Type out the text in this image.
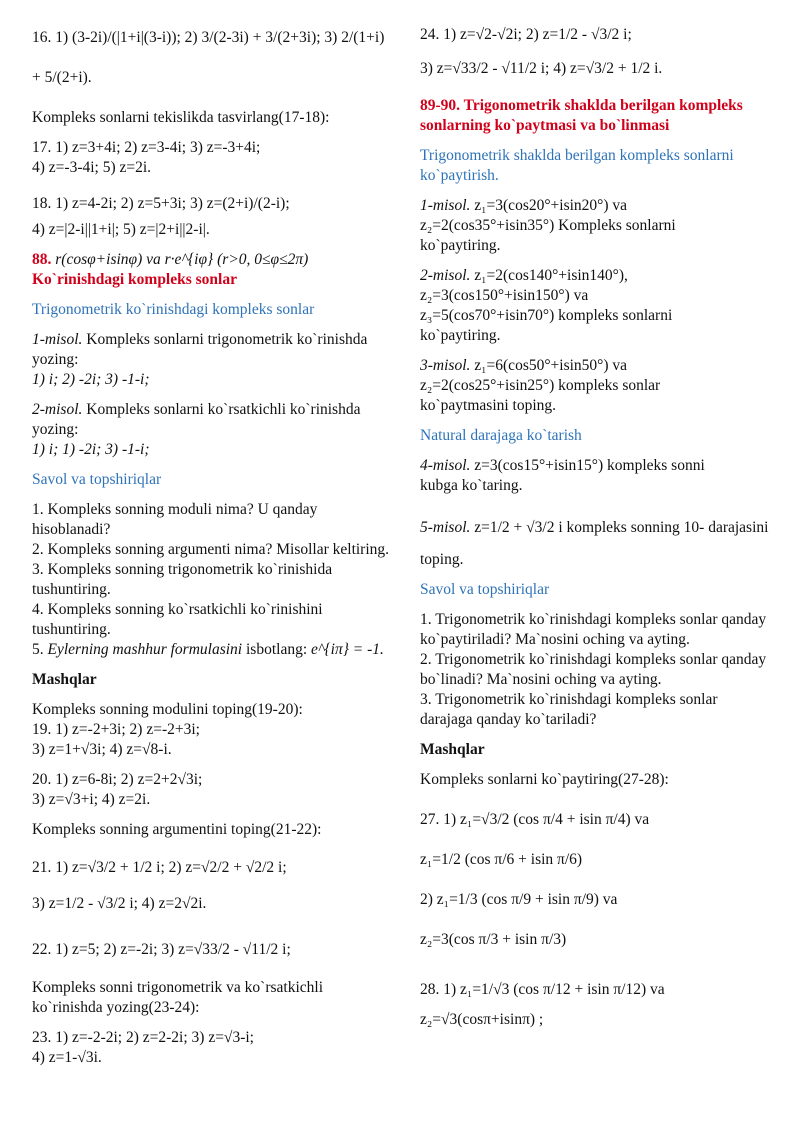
16. 1) (3-2i)/(|1+i|(3-i)); 2) 3/(2-3i) + 3/(2+3i); 3) 2/(1+i) + 5/(2+i).
Kompleks sonlarni tekislikda tasvirlang(17-18):
17. 1) z=3+4i; 2) z=3-4i; 3) z=-3+4i;
4) z=-3-4i; 5) z=2i.
18. 1) z=4-2i; 2) z=5+3i; 3) z=(2+i)/(2-i);
4) z=|2-i||1+i|; 5) z=|2+i||2-i|.
88. r(cosφ+isinφ) va r·e^{iφ} (r>0, 0≤φ≤2π)
Ko`rinishdagi kompleks sonlar
Trigonometrik ko`rinishdagi kompleks sonlar
1-misol. Kompleks sonlarni trigonometrik ko`rinishda yozing:
1) i; 2) -2i; 3) -1-i;
2-misol. Kompleks sonlarni ko`rsatkichli ko`rinishda yozing:
1) i; 1) -2i; 3) -1-i;
Savol va topshiriqlar
1. Kompleks sonning moduli nima? U qanday hisoblanadi?
2. Kompleks sonning argumenti nima? Misollar keltiring.
3. Kompleks sonning trigonometrik ko`rinishida tushuntiring.
4. Kompleks sonning ko`rsatkichli ko`rinishini tushuntiring.
5. Eylerning mashhur formulasini isbotlang: e^{iπ} = -1.
Mashqlar
Kompleks sonning modulini toping(19-20):
19. 1) z=-2+3i; 2) z=-2+3i;
3) z=1+√3i; 4) z=√8-i.
20. 1) z=6-8i; 2) z=2+2√3i;
3) z=√3+i; 4) z=2i.
Kompleks sonning argumentini toping(21-22):
21. 1) z=√3/2 + 1/2 i; 2) z=√2/2 + √2/2 i;
3) z=1/2 - √3/2 i; 4) z=2√2i.
22. 1) z=5; 2) z=-2i; 3) z=√33/2 - √11/2 i;
Kompleks sonni trigonometrik va ko`rsatkichli ko`rinishda yozing(23-24):
23. 1) z=-2-2i; 2) z=2-2i; 3) z=√3-i;
4) z=1-√3i.
24. 1) z=√2-√2i; 2) z=1/2 - √3/2 i;
3) z=√33/2 - √11/2 i; 4) z=√3/2 + 1/2 i.
89-90. Trigonometrik shaklda berilgan kompleks sonlarning ko`paytmasi va bo`linmasi
Trigonometrik shaklda berilgan kompleks sonlarni ko`paytirish.
1-misol. z₁=3(cos20°+isin20°) va
z₂=2(cos35°+isin35°) Kompleks sonlarni
ko`paytiring.
2-misol. z₁=2(cos140°+isin140°),
z₂=3(cos150°+isin150°) va
z₃=5(cos70°+isin70°) kompleks sonlarni
ko`paytiring.
3-misol. z₁=6(cos50°+isin50°) va
z₂=2(cos25°+isin25°) kompleks sonlar
ko`paytmasini toping.
Natural darajaga ko`tarish
4-misol. z=3(cos15°+isin15°) kompleks sonni
kubga ko`taring.
5-misol. z=1/2 + √3/2 i kompleks sonning 10- darajasini
toping.
Savol va topshiriqlar
1. Trigonometrik ko`rinishdagi kompleks sonlar qanday ko`paytiriladi? Ma`nosini oching va ayting.
2. Trigonometrik ko`rinishdagi kompleks sonlar qanday bo`linadi? Ma`nosini oching va ayting.
3. Trigonometrik ko`rinishdagi kompleks sonlar darajaga qanday ko`tariladi?
Mashqlar
Kompleks sonlarni ko`paytiring(27-28):
27. 1) z₁=√3/2 (cos π/4 + isin π/4) va
z₁=1/2 (cos π/6 + isin π/6)
2) z₁=1/3 (cos π/9 + isin π/9) va
z₂=3(cos π/3 + isin π/3)
28. 1) z₁=1/√3 (cos π/12 + isin π/12) va
z₂=√3(cosπ+isinπ) ;
